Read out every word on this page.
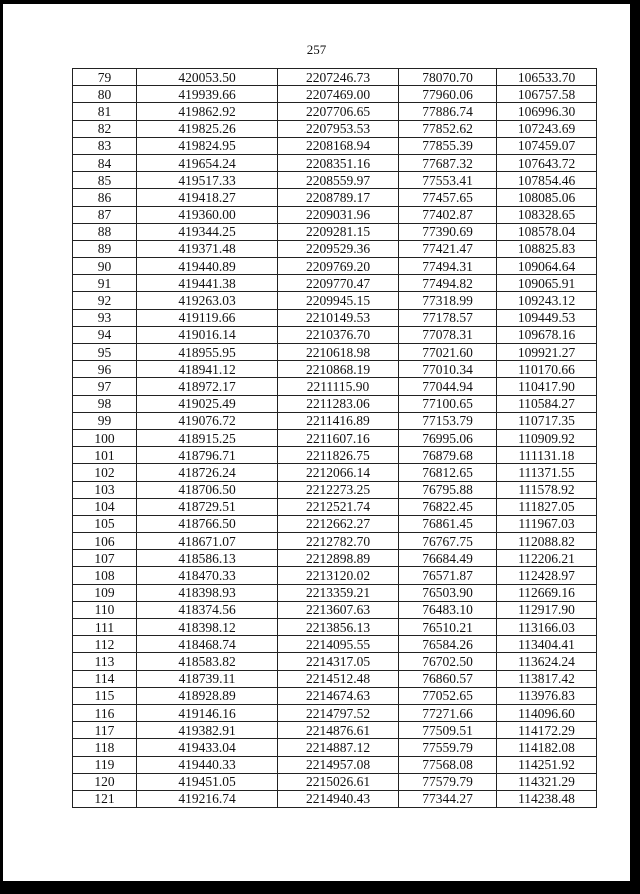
257
79	420053.50	2207246.73	78070.70	106533.70
80	419939.66	2207469.00	77960.06	106757.58
81	419862.92	2207706.65	77886.74	106996.30
82	419825.26	2207953.53	77852.62	107243.69
83	419824.95	2208168.94	77855.39	107459.07
84	419654.24	2208351.16	77687.32	107643.72
85	419517.33	2208559.97	77553.41	107854.46
86	419418.27	2208789.17	77457.65	108085.06
87	419360.00	2209031.96	77402.87	108328.65
88	419344.25	2209281.15	77390.69	108578.04
89	419371.48	2209529.36	77421.47	108825.83
90	419440.89	2209769.20	77494.31	109064.64
91	419441.38	2209770.47	77494.82	109065.91
92	419263.03	2209945.15	77318.99	109243.12
93	419119.66	2210149.53	77178.57	109449.53
94	419016.14	2210376.70	77078.31	109678.16
95	418955.95	2210618.98	77021.60	109921.27
96	418941.12	2210868.19	77010.34	110170.66
97	418972.17	2211115.90	77044.94	110417.90
98	419025.49	2211283.06	77100.65	110584.27
99	419076.72	2211416.89	77153.79	110717.35
100	418915.25	2211607.16	76995.06	110909.92
101	418796.71	2211826.75	76879.68	111131.18
102	418726.24	2212066.14	76812.65	111371.55
103	418706.50	2212273.25	76795.88	111578.92
104	418729.51	2212521.74	76822.45	111827.05
105	418766.50	2212662.27	76861.45	111967.03
106	418671.07	2212782.70	76767.75	112088.82
107	418586.13	2212898.89	76684.49	112206.21
108	418470.33	2213120.02	76571.87	112428.97
109	418398.93	2213359.21	76503.90	112669.16
110	418374.56	2213607.63	76483.10	112917.90
111	418398.12	2213856.13	76510.21	113166.03
112	418468.74	2214095.55	76584.26	113404.41
113	418583.82	2214317.05	76702.50	113624.24
114	418739.11	2214512.48	76860.57	113817.42
115	418928.89	2214674.63	77052.65	113976.83
116	419146.16	2214797.52	77271.66	114096.60
117	419382.91	2214876.61	77509.51	114172.29
118	419433.04	2214887.12	77559.79	114182.08
119	419440.33	2214957.08	77568.08	114251.92
120	419451.05	2215026.61	77579.79	114321.29
121	419216.74	2214940.43	77344.27	114238.48
